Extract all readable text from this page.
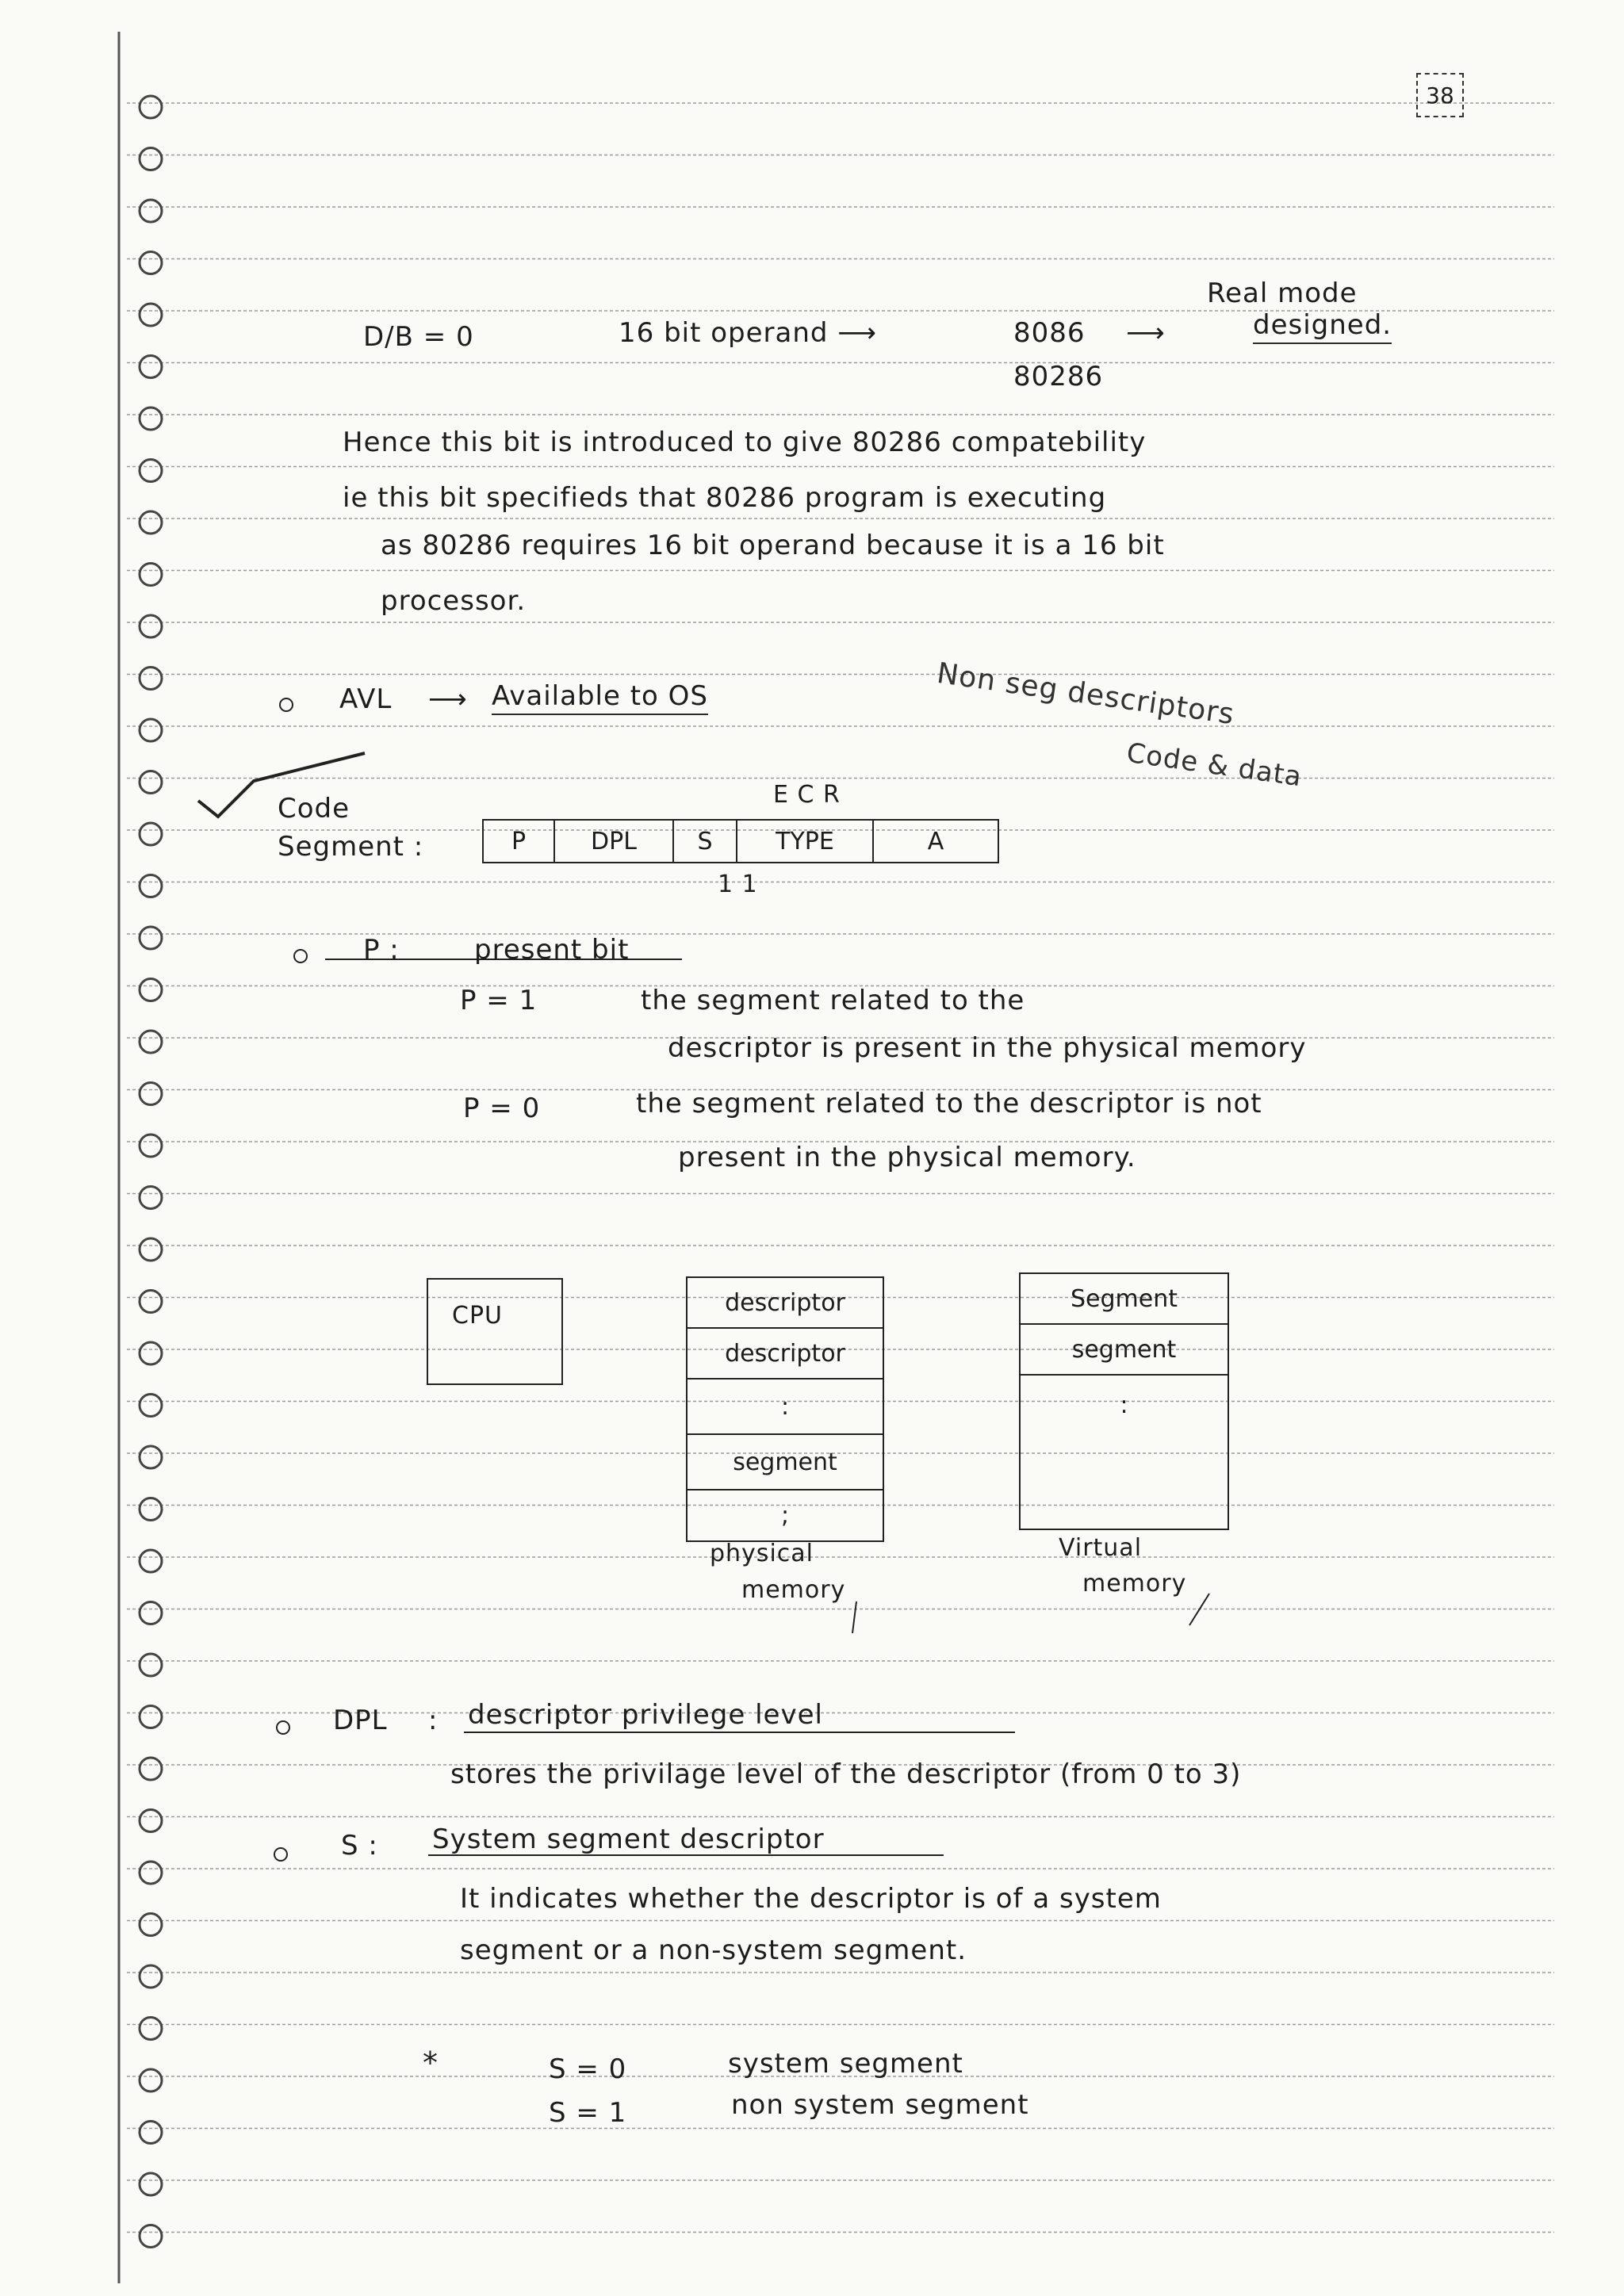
38
D/B = 0	16 bit operand ⟶	8086 ⟶
80286
Real mode
designed.
Hence this bit is introduced to give 80286 compatebility
ie this bit specifieds that 80286 program is executing
as 80286 requires 16 bit operand because it is a 16 bit
processor.
AVL ⟶ Available to OS	Non seg descriptors
Code & data
Code
Segment :
E C R
P	DPL	S	TYPE	A
1 1
P :	present bit
P = 1	the segment related to the
descriptor is present in the physical memory
P = 0	the segment related to the descriptor is not
present in the physical memory.
CPU	descriptor
descriptor
:
segment
;
Segment
segment
:
physical
memory
Virtual
memory
DPL : descriptor privilege level
stores the privilage level of the descriptor (from 0 to 3)
S : System segment descriptor
It indicates whether the descriptor is of a system
segment or a non-system segment.
*	S = 0	system segment
S = 1	non system segment
